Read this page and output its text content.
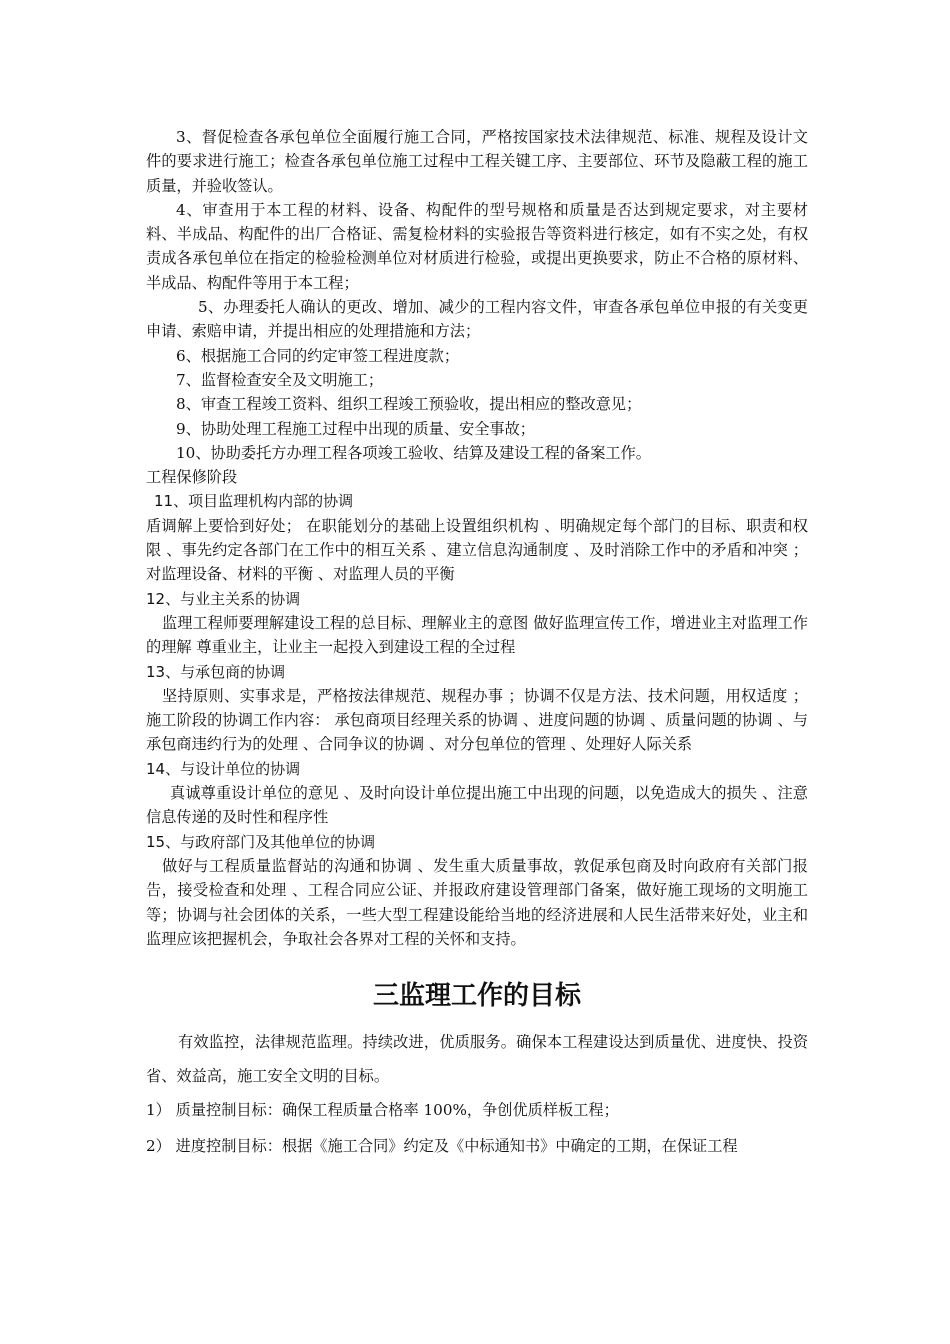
3、督促检查各承包单位全面履行施工合同，严格按国家技术法律规范、标准、规程及设计文件的要求进行施工；检查各承包单位施工过程中工程关键工序、主要部位、环节及隐蔽工程的施工质量，并验收签认。

4、审查用于本工程的材料、设备、构配件的型号规格和质量是否达到规定要求，对主要材料、半成品、构配件的出厂合格证、需复检材料的实验报告等资料进行核定，如有不实之处，有权责成各承包单位在指定的检验检测单位对材质进行检验，或提出更换要求，防止不合格的原材料、半成品、构配件等用于本工程；

5、办理委托人确认的更改、增加、减少的工程内容文件，审查各承包单位申报的有关变更申请、索赔申请，并提出相应的处理措施和方法；

6、根据施工合同的约定审签工程进度款；

7、监督检查安全及文明施工；

8、审查工程竣工资料、组织工程竣工预验收，提出相应的整改意见；

9、协助处理工程施工过程中出现的质量、安全事故；

10、协助委托方办理工程各项竣工验收、结算及建设工程的备案工作。

工程保修阶段

11、项目监理机构内部的协调

盾调解上要恰到好处； 在职能划分的基础上设置组织机构 、明确规定每个部门的目标、职责和权限 、事先约定各部门在工作中的相互关系 、建立信息沟通制度 、及时消除工作中的矛盾和冲突 ；对监理设备、材料的平衡 、对监理人员的平衡

12、与业主关系的协调

监理工程师要理解建设工程的总目标、理解业主的意图 做好监理宣传工作，增进业主对监理工作的理解 尊重业主，让业主一起投入到建设工程的全过程

13、与承包商的协调

坚持原则、实事求是，严格按法律规范、规程办事 ；协调不仅是方法、技术问题，用权适度 ；施工阶段的协调工作内容： 承包商项目经理关系的协调 、进度问题的协调 、质量问题的协调 、与承包商违约行为的处理 、合同争议的协调 、对分包单位的管理 、处理好人际关系

14、与设计单位的协调

真诚尊重设计单位的意见 、及时向设计单位提出施工中出现的问题，以免造成大的损失 、注意信息传递的及时性和程序性

15、与政府部门及其他单位的协调

做好与工程质量监督站的沟通和协调 、发生重大质量事故，敦促承包商及时向政府有关部门报告，接受检查和处理 、工程合同应公证、并报政府建设管理部门备案，做好施工现场的文明施工等；协调与社会团体的关系，一些大型工程建设能给当地的经济进展和人民生活带来好处，业主和监理应该把握机会，争取社会各界对工程的关怀和支持。

三监理工作的目标

有效监控，法律规范监理。持续改进，优质服务。确保本工程建设达到质量优、进度快、投资省、效益高，施工安全文明的目标。

1） 质量控制目标：确保工程质量合格率 100%，争创优质样板工程；

2） 进度控制目标：根据《施工合同》约定及《中标通知书》中确定的工期，在保证工程
